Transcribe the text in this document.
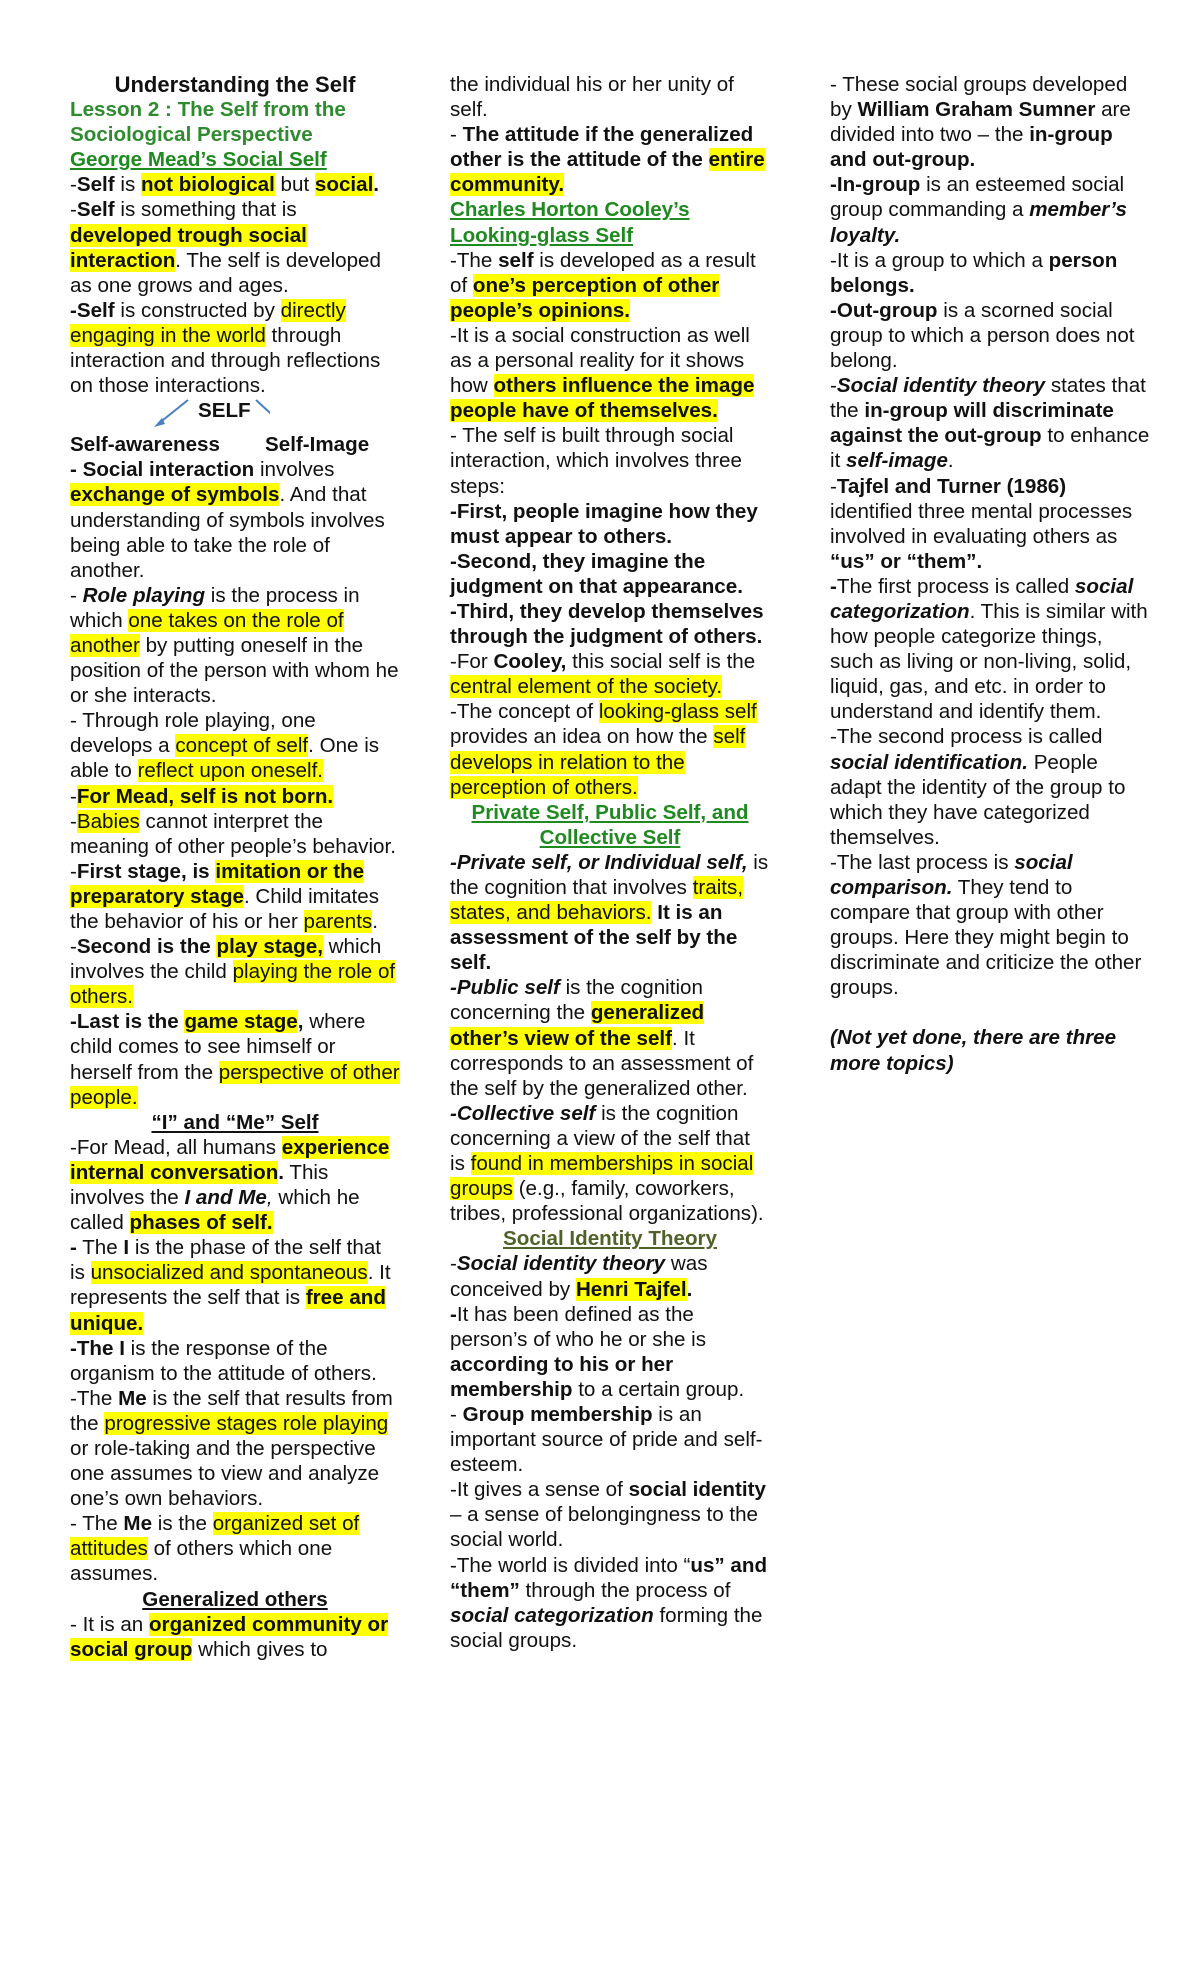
Understanding the Self

Lesson 2 : The Self from the Sociological Perspective

George Mead’s Social Self

-Self is not biological but social.

-Self is something that is developed trough social interaction. The self is developed as one grows and ages.

-Self is constructed by directly engaging in the world through interaction and through reflections on those interactions.

SELF
Self-awareness	Self-Image

- Social interaction involves exchange of symbols. And that understanding of symbols involves being able to take the role of another.

- Role playing is the process in which one takes on the role of another by putting oneself in the position of the person with whom he or she interacts.

- Through role playing, one develops a concept of self. One is able to reflect upon oneself.

-For Mead, self is not born.

-Babies cannot interpret the meaning of other people’s behavior.

-First stage, is imitation or the preparatory stage. Child imitates the behavior of his or her parents.

-Second is the play stage, which involves the child playing the role of others.

-Last is the game stage, where child comes to see himself or herself from the perspective of other people.

“I” and “Me” Self

-For Mead, all humans experience internal conversation. This involves the I and Me, which he called phases of self.

- The I is the phase of the self that is unsocialized and spontaneous. It represents the self that is free and unique.

-The I is the response of the organism to the attitude of others.

-The Me is the self that results from the progressive stages role playing or role-taking and the perspective one assumes to view and analyze one’s own behaviors.

- The Me is the organized set of attitudes of others which one assumes.

Generalized others

- It is an organized community or social group which gives to

the individual his or her unity of self.

- The attitude if the generalized other is the attitude of the entire community.

Charles Horton Cooley’s Looking-glass Self

-The self is developed as a result of one’s perception of other people’s opinions.

-It is a social construction as well as a personal reality for it shows how others influence the image people have of themselves.

- The self is built through social interaction, which involves three steps:

-First, people imagine how they must appear to others.

-Second, they imagine the judgment on that appearance.

-Third, they develop themselves through the judgment of others.

-For Cooley, this social self is the central element of the society.

-The concept of looking-glass self provides an idea on how the self develops in relation to the perception of others.

Private Self, Public Self, and Collective Self

-Private self, or Individual self, is the cognition that involves traits, states, and behaviors. It is an assessment of the self by the self.

-Public self is the cognition concerning the generalized other’s view of the self. It corresponds to an assessment of the self by the generalized other.

-Collective self is the cognition concerning a view of the self that is found in memberships in social groups (e.g., family, coworkers, tribes, professional organizations).

Social Identity Theory

-Social identity theory was conceived by Henri Tajfel.

-It has been defined as the person’s of who he or she is according to his or her membership to a certain group.

- Group membership is an important source of pride and self-esteem.

-It gives a sense of social identity – a sense of belongingness to the social world.

-The world is divided into “us” and “them” through the process of social categorization forming the social groups.

- These social groups developed by William Graham Sumner are divided into two – the in-group and out-group.

-In-group is an esteemed social group commanding a member’s loyalty.

-It is a group to which a person belongs.

-Out-group is a scorned social group to which a person does not belong.

-Social identity theory states that the in-group will discriminate against the out-group to enhance it self-image.

-Tajfel and Turner (1986) identified three mental processes involved in evaluating others as “us” or “them”.

-The first process is called social categorization. This is similar with how people categorize things, such as living or non-living, solid, liquid, gas, and etc. in order to understand and identify them.

-The second process is called social identification. People adapt the identity of the group to which they have categorized themselves.

-The last process is social comparison. They tend to compare that group with other groups. Here they might begin to discriminate and criticize the other groups.

(Not yet done, there are three more topics)
